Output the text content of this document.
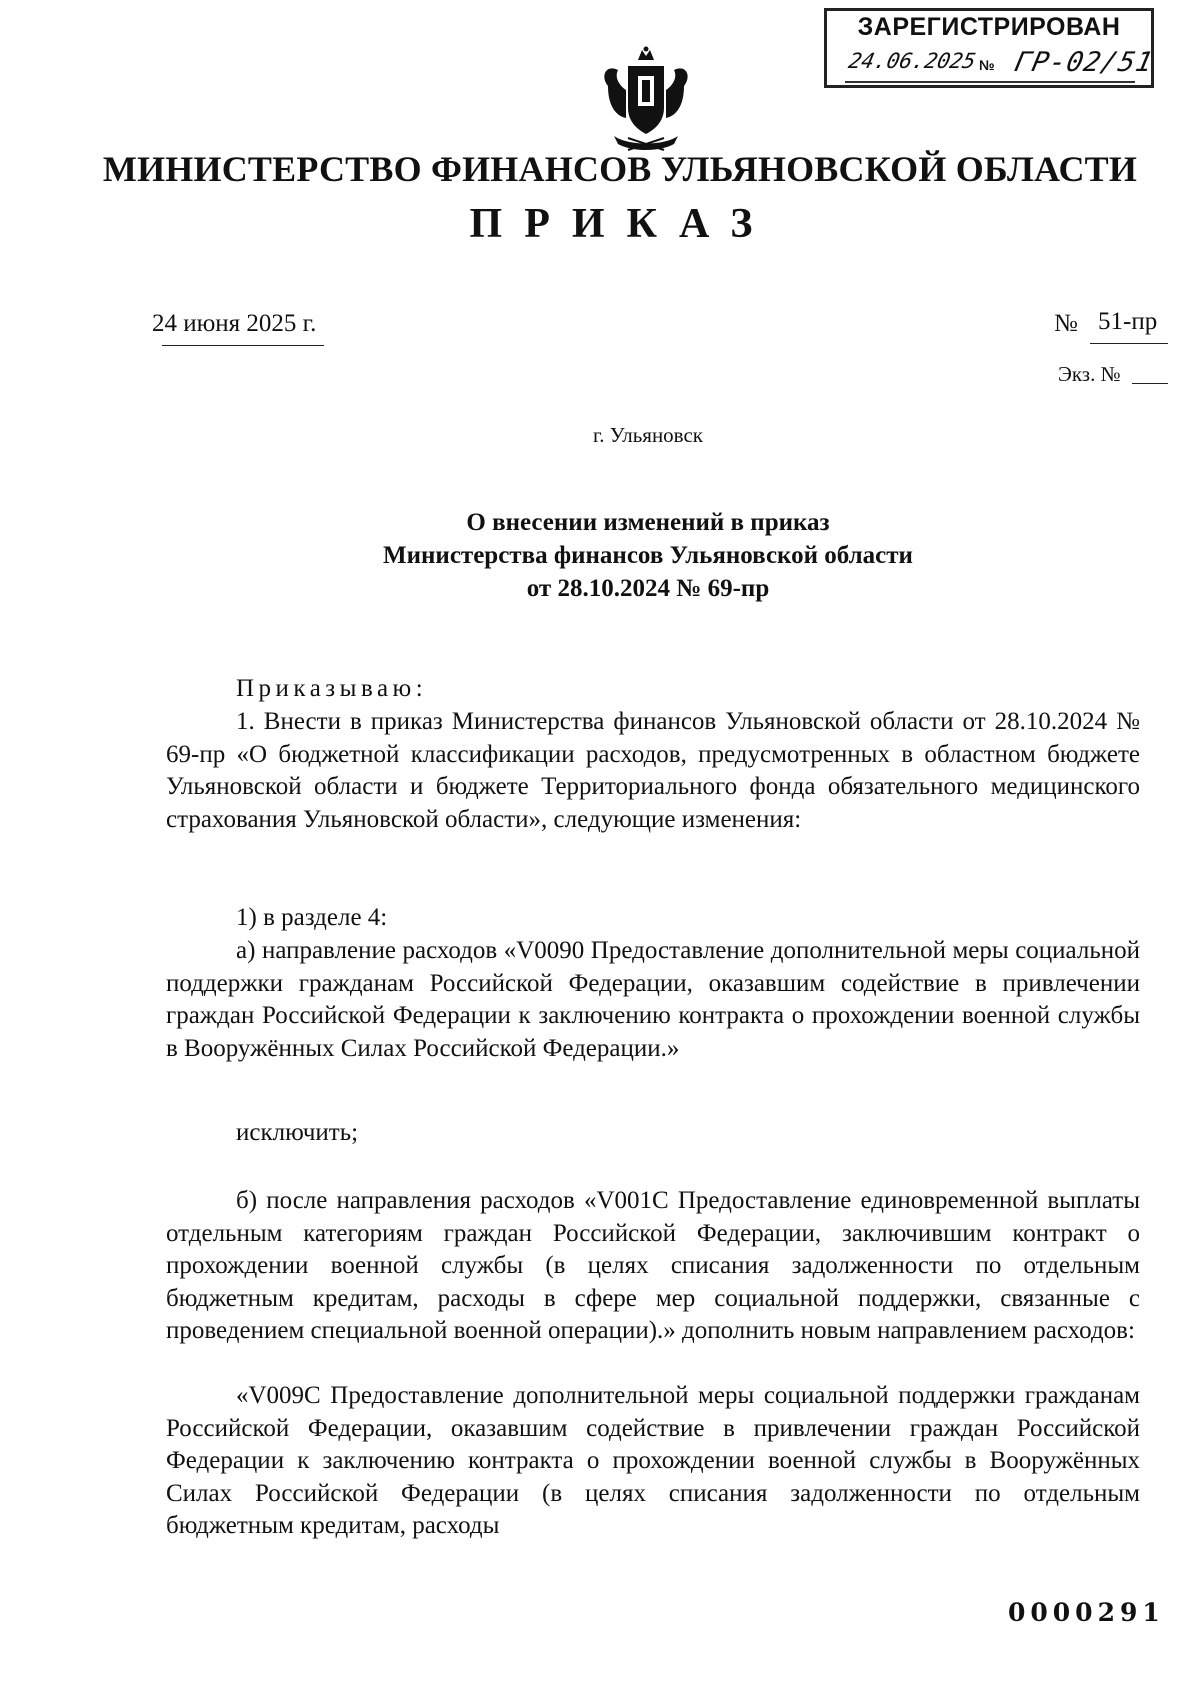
ЗАРЕГИСТРИРОВАН
24.06.2025 № ГР-02/51
МИНИСТЕРСТВО ФИНАНСОВ УЛЬЯНОВСКОЙ ОБЛАСТИ
ПРИКАЗ
24 июня 2025 г.	№ 51-пр
Экз. №
г. Ульяновск
О внесении изменений в приказ
Министерства финансов Ульяновской области
от 28.10.2024 № 69-пр

Приказываю:

1. Внести в приказ Министерства финансов Ульяновской области от 28.10.2024 № 69-пр «О бюджетной классификации расходов, предусмотренных в областном бюджете Ульяновской области и бюджете Территориального фонда обязательного медицинского страхования Ульяновской области», следующие изменения:

1) в разделе 4:

а) направление расходов «V0090 Предоставление дополнительной меры социальной поддержки гражданам Российской Федерации, оказавшим содействие в привлечении граждан Российской Федерации к заключению контракта о прохождении военной службы в Вооружённых Силах Российской Федерации.»

исключить;

б) после направления расходов «V001С Предоставление единовременной выплаты отдельным категориям граждан Российской Федерации, заключившим контракт о прохождении военной службы (в целях списания задолженности по отдельным бюджетным кредитам, расходы в сфере мер социальной поддержки, связанные с проведением специальной военной операции).» дополнить новым направлением расходов:

«V009С Предоставление дополнительной меры социальной поддержки гражданам Российской Федерации, оказавшим содействие в привлечении граждан Российской Федерации к заключению контракта о прохождении военной службы в Вооружённых Силах Российской Федерации (в целях списания задолженности по отдельным бюджетным кредитам, расходы

0000291
